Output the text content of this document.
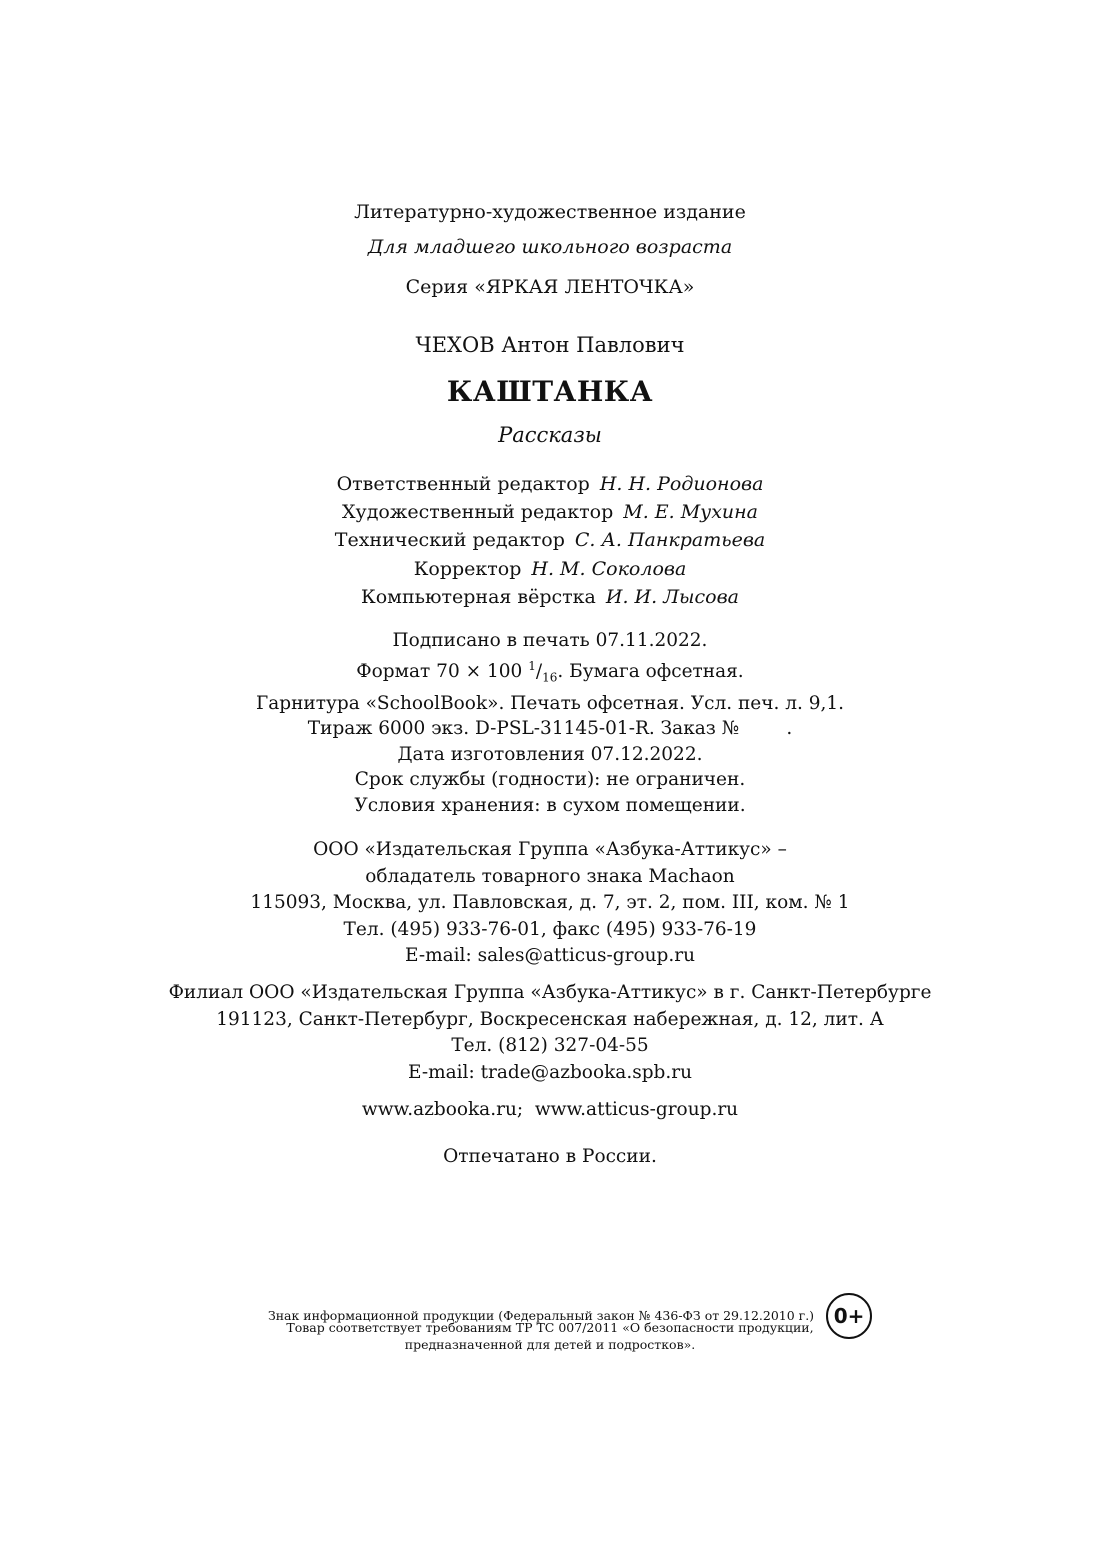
Литературно-художественное издание
Для младшего школьного возраста
Серия «ЯРКАЯ ЛЕНТОЧКА»
ЧЕХОВ Антон Павлович
КАШТАНКА
Рассказы
Ответственный редактор Н. Н. Родионова
Художественный редактор М. Е. Мухина
Технический редактор С. А. Панкратьева
Корректор Н. М. Соколова
Компьютерная вёрстка И. И. Лысова
Подписано в печать 07.11.2022.
Формат 70 × 100 $^1/_{16}$. Бумага офсетная.
Гарнитура «SchoolBook». Печать офсетная. Усл. печ. л. 9,1.
Тираж 6000 экз. D-PSL-31145-01-R. Заказ №        .
Дата изготовления 07.12.2022.
Срок службы (годности): не ограничен.
Условия хранения: в сухом помещении.
ООО «Издательская Группа «Азбука-Аттикус» –
обладатель товарного знака Machaon
115093, Москва, ул. Павловская, д. 7, эт. 2, пом. III, ком. № 1
Тел. (495) 933-76-01, факс (495) 933-76-19
E-mail: sales@atticus-group.ru
Филиал ООО «Издательская Группа «Азбука-Аттикус» в г. Санкт-Петербурге
191123, Санкт-Петербург, Воскресенская набережная, д. 12, лит. А
Тел. (812) 327-04-55
E-mail: trade@azbooka.spb.ru
www.azbooka.ru;  www.atticus-group.ru
Отпечатано в России.
Знак информационной продукции (Федеральный закон № 436-ФЗ от 29.12.2010 г.) 0+
Товар соответствует требованиям ТР ТС 007/2011 «О безопасности продукции,
предназначенной для детей и подростков».
